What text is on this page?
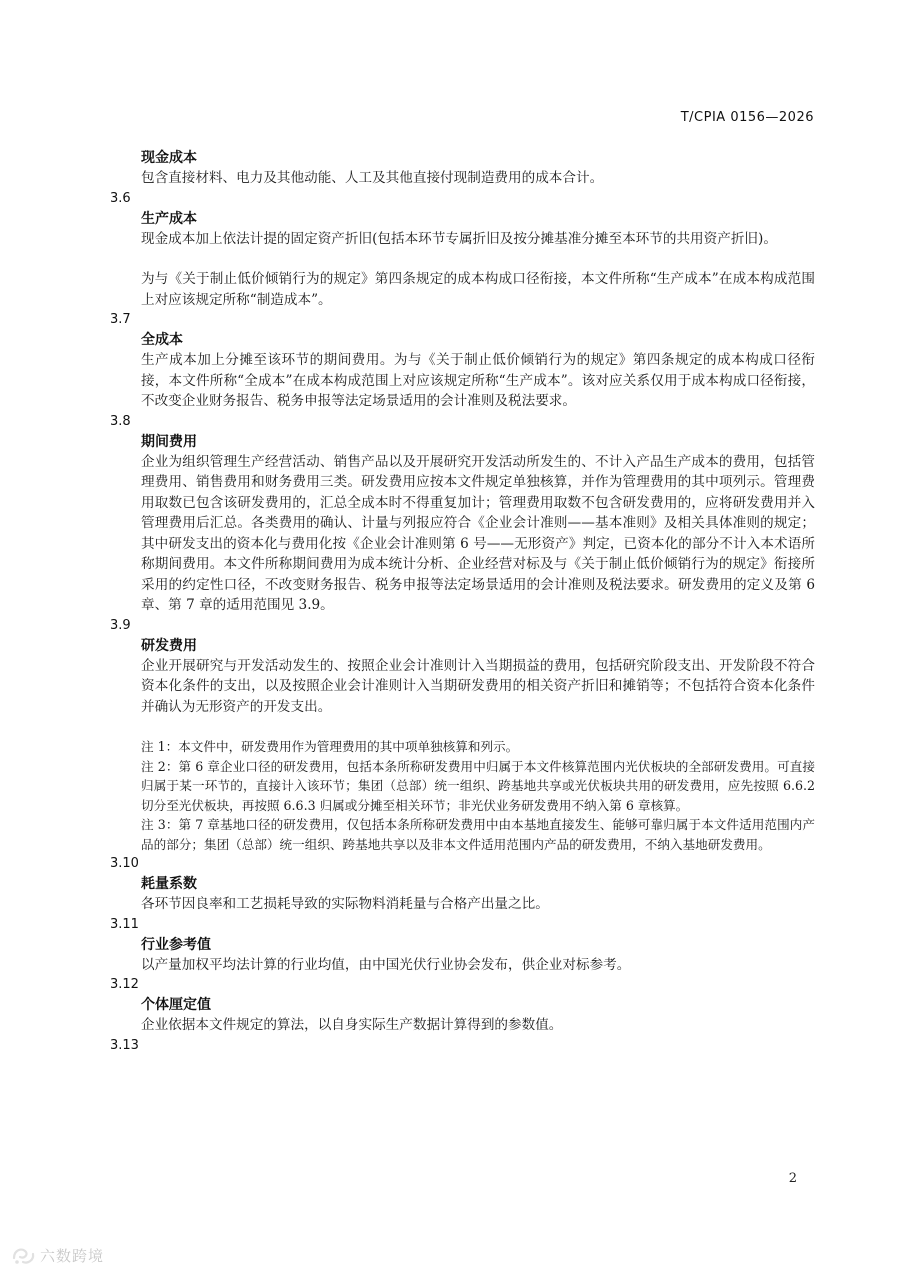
T/CPIA 0156—2026

现金成本

包含直接材料、电力及其他动能、人工及其他直接付现制造费用的成本合计。

3.6

生产成本

现金成本加上依法计提的固定资产折旧(包括本环节专属折旧及按分摊基准分摊至本环节的共用资产折旧)。

为与《关于制止低价倾销行为的规定》第四条规定的成本构成口径衔接，本文件所称“生产成本”在成本构成范围上对应该规定所称“制造成本”。

3.7

全成本

生产成本加上分摊至该环节的期间费用。为与《关于制止低价倾销行为的规定》第四条规定的成本构成口径衔接，本文件所称“全成本”在成本构成范围上对应该规定所称“生产成本”。该对应关系仅用于成本构成口径衔接，不改变企业财务报告、税务申报等法定场景适用的会计准则及税法要求。

3.8

期间费用

企业为组织管理生产经营活动、销售产品以及开展研究开发活动所发生的、不计入产品生产成本的费用，包括管理费用、销售费用和财务费用三类。研发费用应按本文件规定单独核算，并作为管理费用的其中项列示。管理费用取数已包含该研发费用的，汇总全成本时不得重复加计；管理费用取数不包含研发费用的，应将研发费用并入管理费用后汇总。各类费用的确认、计量与列报应符合《企业会计准则——基本准则》及相关具体准则的规定；其中研发支出的资本化与费用化按《企业会计准则第 6 号——无形资产》判定，已资本化的部分不计入本术语所称期间费用。本文件所称期间费用为成本统计分析、企业经营对标及与《关于制止低价倾销行为的规定》衔接所采用的约定性口径，不改变财务报告、税务申报等法定场景适用的会计准则及税法要求。研发费用的定义及第 6 章、第 7 章的适用范围见 3.9。

3.9

研发费用

企业开展研究与开发活动发生的、按照企业会计准则计入当期损益的费用，包括研究阶段支出、开发阶段不符合资本化条件的支出，以及按照企业会计准则计入当期研发费用的相关资产折旧和摊销等；不包括符合资本化条件并确认为无形资产的开发支出。

注 1：本文件中，研发费用作为管理费用的其中项单独核算和列示。

注 2：第 6 章企业口径的研发费用，包括本条所称研发费用中归属于本文件核算范围内光伏板块的全部研发费用。可直接归属于某一环节的，直接计入该环节；集团（总部）统一组织、跨基地共享或光伏板块共用的研发费用，应先按照 6.6.2 切分至光伏板块，再按照 6.6.3 归属或分摊至相关环节；非光伏业务研发费用不纳入第 6 章核算。

注 3：第 7 章基地口径的研发费用，仅包括本条所称研发费用中由本基地直接发生、能够可靠归属于本文件适用范围内产品的部分；集团（总部）统一组织、跨基地共享以及非本文件适用范围内产品的研发费用，不纳入基地研发费用。

3.10

耗量系数

各环节因良率和工艺损耗导致的实际物料消耗量与合格产出量之比。

3.11

行业参考值

以产量加权平均法计算的行业均值，由中国光伏行业协会发布，供企业对标参考。

3.12

个体厘定值

企业依据本文件规定的算法，以自身实际生产数据计算得到的参数值。

3.13

2
六数跨境
